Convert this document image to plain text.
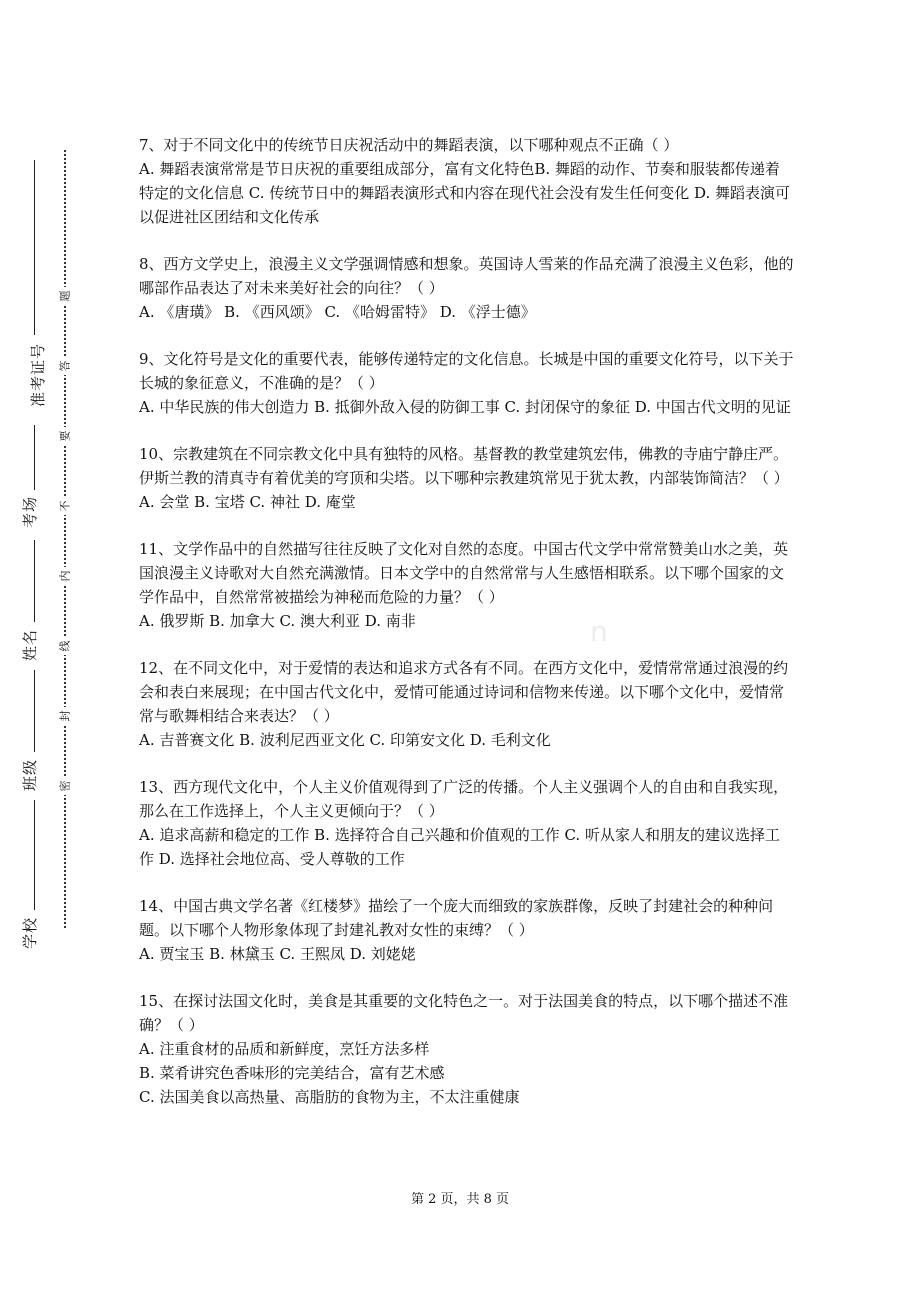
学校
班级
姓名
考场
准考证号
题
答
要
不
内
线
封
密
n

7、对于不同文化中的传统节日庆祝活动中的舞蹈表演，以下哪种观点不正确（ ）

A. 舞蹈表演常常是节日庆祝的重要组成部分，富有文化特色B. 舞蹈的动作、节奏和服装都传递着特定的文化信息 C. 传统节日中的舞蹈表演形式和内容在现代社会没有发生任何变化 D. 舞蹈表演可以促进社区团结和文化传承

8、西方文学史上，浪漫主义文学强调情感和想象。英国诗人雪莱的作品充满了浪漫主义色彩，他的哪部作品表达了对未来美好社会的向往？（ ）

A. 《唐璜》 B. 《西风颂》 C. 《哈姆雷特》 D. 《浮士德》

9、文化符号是文化的重要代表，能够传递特定的文化信息。长城是中国的重要文化符号，以下关于长城的象征意义，不准确的是？（ ）

A. 中华民族的伟大创造力 B. 抵御外敌入侵的防御工事 C. 封闭保守的象征 D. 中国古代文明的见证

10、宗教建筑在不同宗教文化中具有独特的风格。基督教的教堂建筑宏伟，佛教的寺庙宁静庄严。伊斯兰教的清真寺有着优美的穹顶和尖塔。以下哪种宗教建筑常见于犹太教，内部装饰简洁？（ ）

A. 会堂 B. 宝塔 C. 神社 D. 庵堂

11、文学作品中的自然描写往往反映了文化对自然的态度。中国古代文学中常常赞美山水之美，英国浪漫主义诗歌对大自然充满激情。日本文学中的自然常常与人生感悟相联系。以下哪个国家的文学作品中，自然常常被描绘为神秘而危险的力量？（ ）

A. 俄罗斯 B. 加拿大 C. 澳大利亚 D. 南非

12、在不同文化中，对于爱情的表达和追求方式各有不同。在西方文化中，爱情常常通过浪漫的约会和表白来展现；在中国古代文化中，爱情可能通过诗词和信物来传递。以下哪个文化中，爱情常常与歌舞相结合来表达？（ ）

A. 吉普赛文化 B. 波利尼西亚文化 C. 印第安文化 D. 毛利文化

13、西方现代文化中，个人主义价值观得到了广泛的传播。个人主义强调个人的自由和自我实现，那么在工作选择上，个人主义更倾向于？（ ）

A. 追求高薪和稳定的工作 B. 选择符合自己兴趣和价值观的工作 C. 听从家人和朋友的建议选择工作 D. 选择社会地位高、受人尊敬的工作

14、中国古典文学名著《红楼梦》描绘了一个庞大而细致的家族群像，反映了封建社会的种种问题。以下哪个人物形象体现了封建礼教对女性的束缚？（ ）

A. 贾宝玉 B. 林黛玉 C. 王熙凤 D. 刘姥姥

15、在探讨法国文化时，美食是其重要的文化特色之一。对于法国美食的特点，以下哪个描述不准确？（ ）

A. 注重食材的品质和新鲜度，烹饪方法多样

B. 菜肴讲究色香味形的完美结合，富有艺术感

C. 法国美食以高热量、高脂肪的食物为主，不太注重健康

第 2 页，共 8 页
